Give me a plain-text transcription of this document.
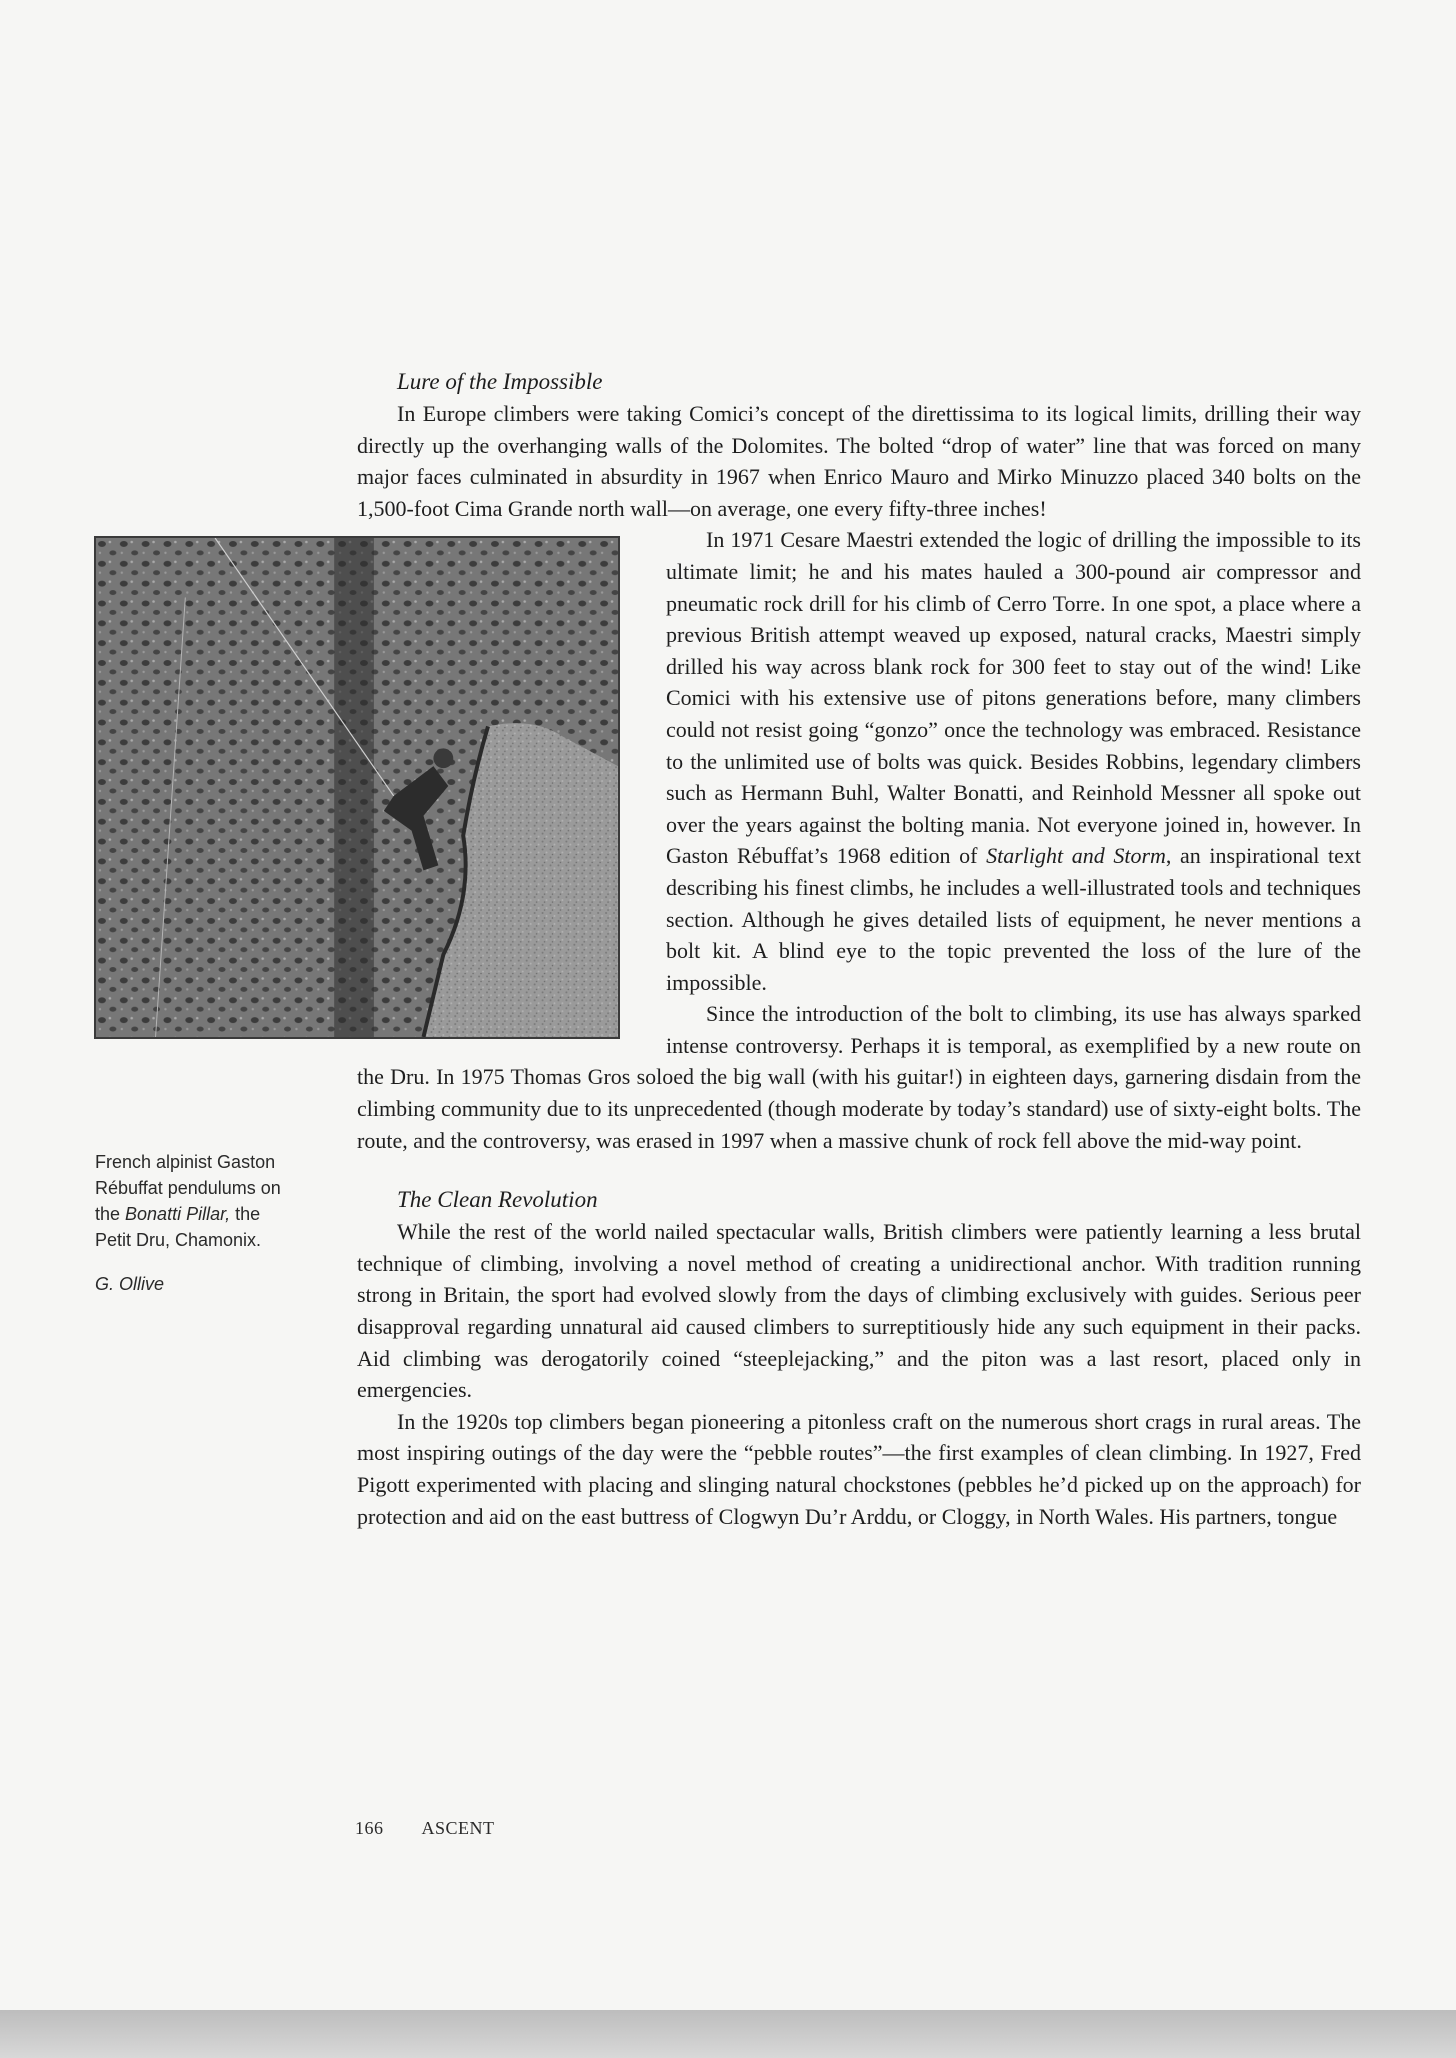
Lure of the Impossible

In Europe climbers were taking Comici’s concept of the direttissima to its logical limits, drilling their way directly up the overhanging walls of the Dolomites. The bolted “drop of water” line that was forced on many major faces culminated in absurdity in 1967 when Enrico Mauro and Mirko Minuzzo placed 340 bolts on the 1,500-foot Cima Grande north wall—on average, one every fifty-three inches!

In 1971 Cesare Maestri extended the logic of drilling the impossible to its ultimate limit; he and his mates hauled a 300-pound air compressor and pneumatic rock drill for his climb of Cerro Torre. In one spot, a place where a previous British attempt weaved up exposed, natural cracks, Maestri simply drilled his way across blank rock for 300 feet to stay out of the wind! Like Comici with his extensive use of pitons generations before, many climbers could not resist going “gonzo” once the technology was embraced. Resistance to the unlimited use of bolts was quick. Besides Robbins, legendary climbers such as Hermann Buhl, Walter Bonatti, and Reinhold Messner all spoke out over the years against the bolting mania. Not everyone joined in, however. In Gaston Rébuffat’s 1968 edition of Starlight and Storm, an inspirational text describing his finest climbs, he includes a well-illustrated tools and techniques section. Although he gives detailed lists of equipment, he never mentions a bolt kit. A blind eye to the topic prevented the loss of the lure of the impossible.

Since the introduction of the bolt to climbing, its use has always sparked intense controversy. Perhaps it is temporal, as exemplified by a new route on the Dru. In 1975 Thomas Gros soloed the big wall (with his guitar!) in eighteen days, garnering disdain from the climbing community due to its unprecedented (though moderate by today’s standard) use of sixty-eight bolts. The route, and the controversy, was erased in 1997 when a massive chunk of rock fell above the mid-way point.

The Clean Revolution

While the rest of the world nailed spectacular walls, British climbers were patiently learning a less brutal technique of climbing, involving a novel method of creating a unidirectional anchor. With tradition running strong in Britain, the sport had evolved slowly from the days of climbing exclusively with guides. Serious peer disapproval regarding unnatural aid caused climbers to surreptitiously hide any such equipment in their packs. Aid climbing was derogatorily coined “steeplejacking,” and the piton was a last resort, placed only in emergencies.

In the 1920s top climbers began pioneering a pitonless craft on the numerous short crags in rural areas. The most inspiring outings of the day were the “pebble routes”—the first examples of clean climbing. In 1927, Fred Pigott experimented with placing and slinging natural chockstones (pebbles he’d picked up on the approach) for protection and aid on the east buttress of Clogwyn Du’r Arddu, or Cloggy, in North Wales. His partners, tongue

French alpinist Gaston Rébuffat pendulums on the Bonatti Pillar, the Petit Dru, Chamonix.
G. Ollive
166 ASCENT
